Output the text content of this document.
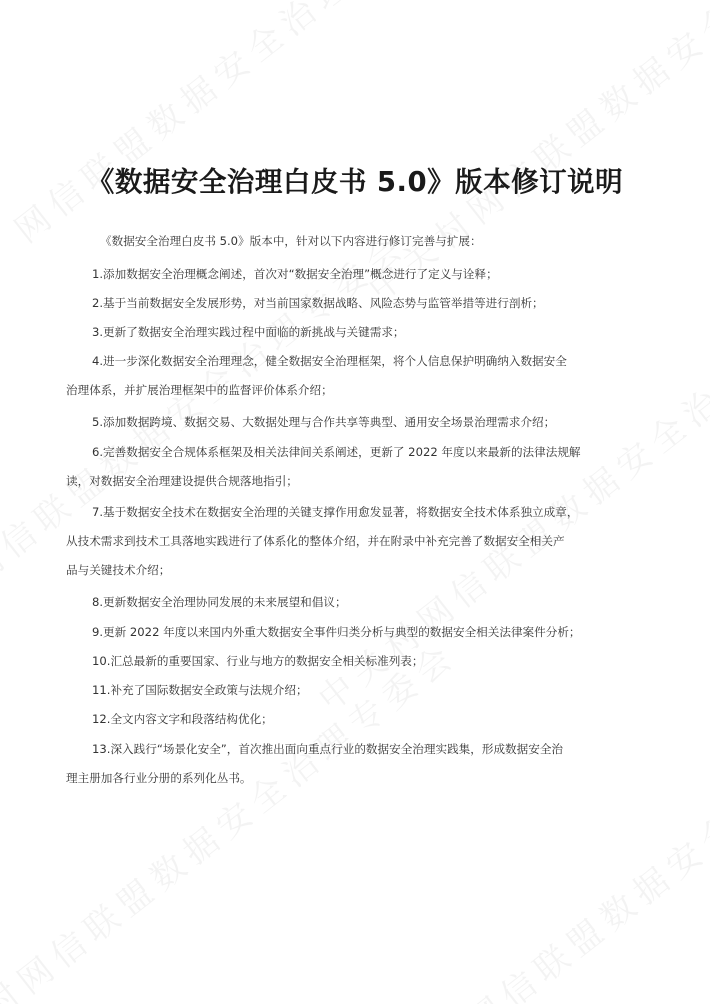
《数据安全治理白皮书 5.0》版本修订说明

《数据安全治理白皮书 5.0》版本中，针对以下内容进行修订完善与扩展：

1.添加数据安全治理概念阐述，首次对“数据安全治理”概念进行了定义与诠释；

2.基于当前数据安全发展形势，对当前国家数据战略、风险态势与监管举措等进行剖析；

3.更新了数据安全治理实践过程中面临的新挑战与关键需求；

4.进一步深化数据安全治理理念，健全数据安全治理框架，将个人信息保护明确纳入数据安全
治理体系，并扩展治理框架中的监督评价体系介绍；

5.添加数据跨境、数据交易、大数据处理与合作共享等典型、通用安全场景治理需求介绍；

6.完善数据安全合规体系框架及相关法律间关系阐述，更新了 2022 年度以来最新的法律法规解
读，对数据安全治理建设提供合规落地指引；

7.基于数据安全技术在数据安全治理的关键支撑作用愈发显著，将数据安全技术体系独立成章，
从技术需求到技术工具落地实践进行了体系化的整体介绍，并在附录中补充完善了数据安全相关产
品与关键技术介绍；

8.更新数据安全治理协同发展的未来展望和倡议；

9.更新 2022 年度以来国内外重大数据安全事件归类分析与典型的数据安全相关法律案件分析；

10.汇总最新的重要国家、行业与地方的数据安全相关标准列表；

11.补充了国际数据安全政策与法规介绍；

12.全文内容文字和段落结构优化；

13.深入践行“场景化安全”，首次推出面向重点行业的数据安全治理实践集，形成数据安全治
理主册加各行业分册的系列化丛书。
